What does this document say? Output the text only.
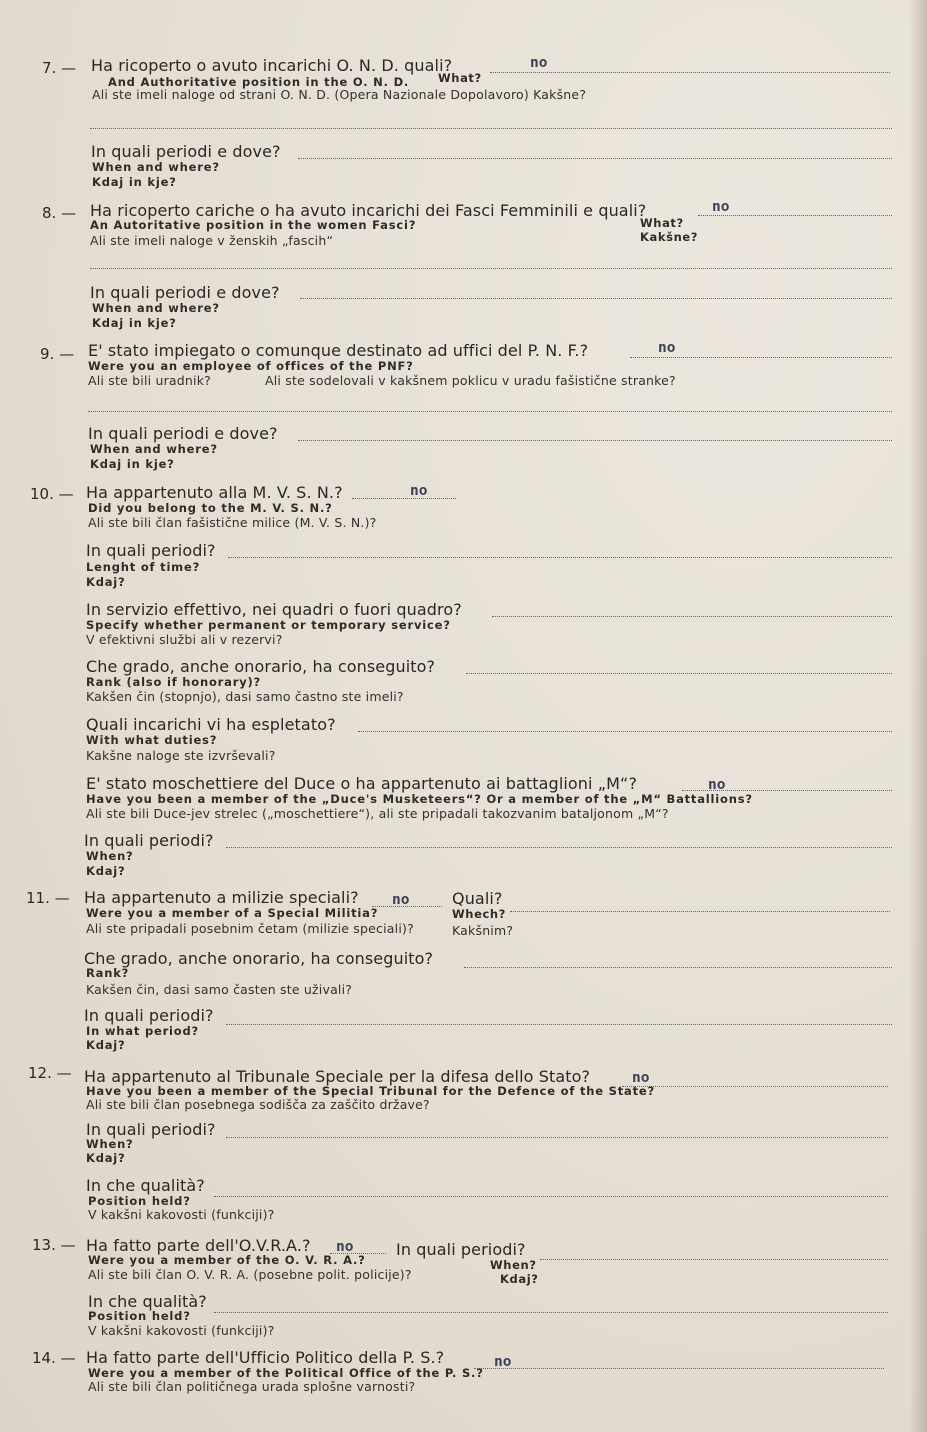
7. — Ha ricoperto o avuto incarichi O. N. D. quali?	no
And Authoritative position in the O. N. D.	What?
Ali ste imeli naloge od strani O. N. D. (Opera Nazionale Dopolavoro) Kakšne?
In quali periodi e dove?
When and where?
Kdaj in kje?
8. — Ha ricoperto cariche o ha avuto incarichi dei Fasci Femminili e quali?	no
An Autoritative position in the women Fasci?	What?
Ali ste imeli naloge v ženskih „fascih“	Kakšne?
In quali periodi e dove?
When and where?
Kdaj in kje?
9. — E' stato impiegato o comunque destinato ad uffici del P. N. F.?	no
Were you an employee of offices of the PNF?
Ali ste bili uradnik?	Ali ste sodelovali v kakšnem poklicu v uradu fašistične stranke?
In quali periodi e dove?
When and where?
Kdaj in kje?
10. — Ha appartenuto alla M. V. S. N.?	no
Did you belong to the M. V. S. N.?
Ali ste bili član fašistične milice (M. V. S. N.)?
In quali periodi?
Lenght of time?
Kdaj?
In servizio effettivo, nei quadri o fuori quadro?
Specify whether permanent or temporary service?
V efektivni službi ali v rezervi?
Che grado, anche onorario, ha conseguito?
Rank (also if honorary)?
Kakšen čin (stopnjo), dasi samo častno ste imeli?
Quali incarichi vi ha espletato?
With what duties?
Kakšne naloge ste izvrševali?
E' stato moschettiere del Duce o ha appartenuto ai battaglioni „M“?	no
Have you been a member of the „Duce's Musketeers“? Or a member of the „M“ Battallions?
Ali ste bili Duce-jev strelec („moschettiere“), ali ste pripadali takozvanim bataljonom „M“?
In quali periodi?
When?
Kdaj?
11. — Ha appartenuto a milizie speciali? no	Quali?
Were you a member of a Special Militia?	Whech?
Ali ste pripadali posebnim četam (milizie speciali)?	Kakšnim?
Che grado, anche onorario, ha conseguito?
Rank?
Kakšen čin, dasi samo časten ste uživali?
In quali periodi?
In what period?
Kdaj?
12. — Ha appartenuto al Tribunale Speciale per la difesa dello Stato?	no
Have you been a member of the Special Tribunal for the Defence of the State?
Ali ste bili član posebnega sodišča za zaščito države?
In quali periodi?
When?
Kdaj?
In che qualità?
Position held?
V kakšni kakovosti (funkciji)?
13. — Ha fatto parte dell'O.V.R.A.? no	In quali periodi?
Were you a member of the O. V. R. A.?	When?
Ali ste bili član O. V. R. A. (posebne polit. policije)?	Kdaj?
In che qualità?
Position held?
V kakšni kakovosti (funkciji)?
14. — Ha fatto parte dell'Ufficio Politico della P. S.?	no
Were you a member of the Political Office of the P. S.?
Ali ste bili član političnega urada splošne varnosti?
